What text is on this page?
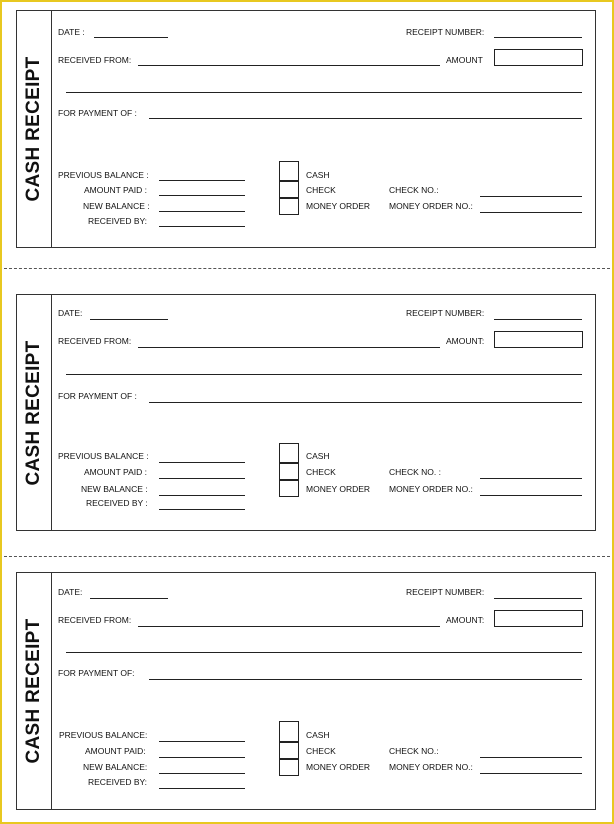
CASH RECEIPT
DATE :	RECEIPT NUMBER:
RECEIVED FROM:	AMOUNT
FOR PAYMENT OF :
PREVIOUS BALANCE :
AMOUNT PAID :
NEW BALANCE :
RECEIVED BY:
CASH
CHECK
MONEY ORDER
CHECK NO.:
MONEY ORDER NO.:
CASH RECEIPT
DATE:	RECEIPT NUMBER:
RECEIVED FROM:	AMOUNT:
FOR PAYMENT OF :
PREVIOUS BALANCE :
AMOUNT PAID :
NEW BALANCE :
RECEIVED BY :
CASH
CHECK
MONEY ORDER
CHECK NO. :
MONEY ORDER NO.:
CASH RECEIPT
DATE:	RECEIPT NUMBER:
RECEIVED FROM:	AMOUNT:
FOR PAYMENT OF:
PREVIOUS BALANCE:
AMOUNT PAID:
NEW BALANCE:
RECEIVED BY:
CASH
CHECK
MONEY ORDER
CHECK NO.:
MONEY ORDER NO.:
